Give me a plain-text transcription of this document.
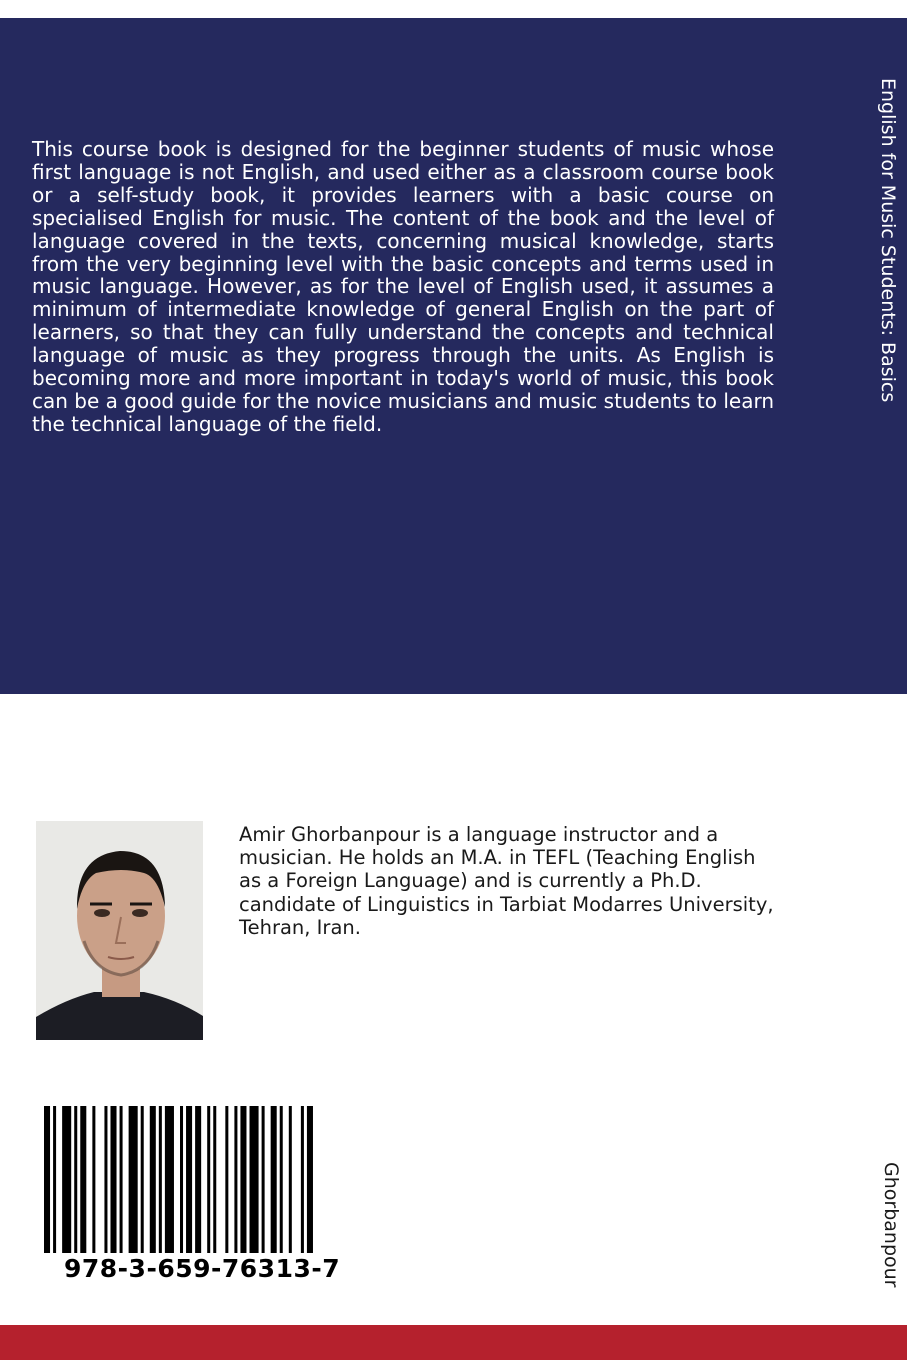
This course book is designed for the beginner students of music whose first language is not English, and used either as a classroom course book or a self-study book, it provides learners with a basic course on specialised English for music. The content of the book and the level of language covered in the texts, concerning musical knowledge, starts from the very beginning level with the basic concepts and terms used in music language. However, as for the level of English used, it assumes a minimum of intermediate knowledge of general English on the part of learners, so that they can fully understand the concepts and technical language of music as they progress through the units. As English is becoming more and more important in today's world of music, this book can be a good guide for the novice musicians and music students to learn the technical language of the field.

English for Music Students: Basics

Amir Ghorbanpour is a language instructor and a musician. He holds an M.A. in TEFL (Teaching English as a Foreign Language) and is currently a Ph.D. candidate of Linguistics in Tarbiat Modarres University, Tehran, Iran.

978-3-659-76313-7	Ghorbanpour
